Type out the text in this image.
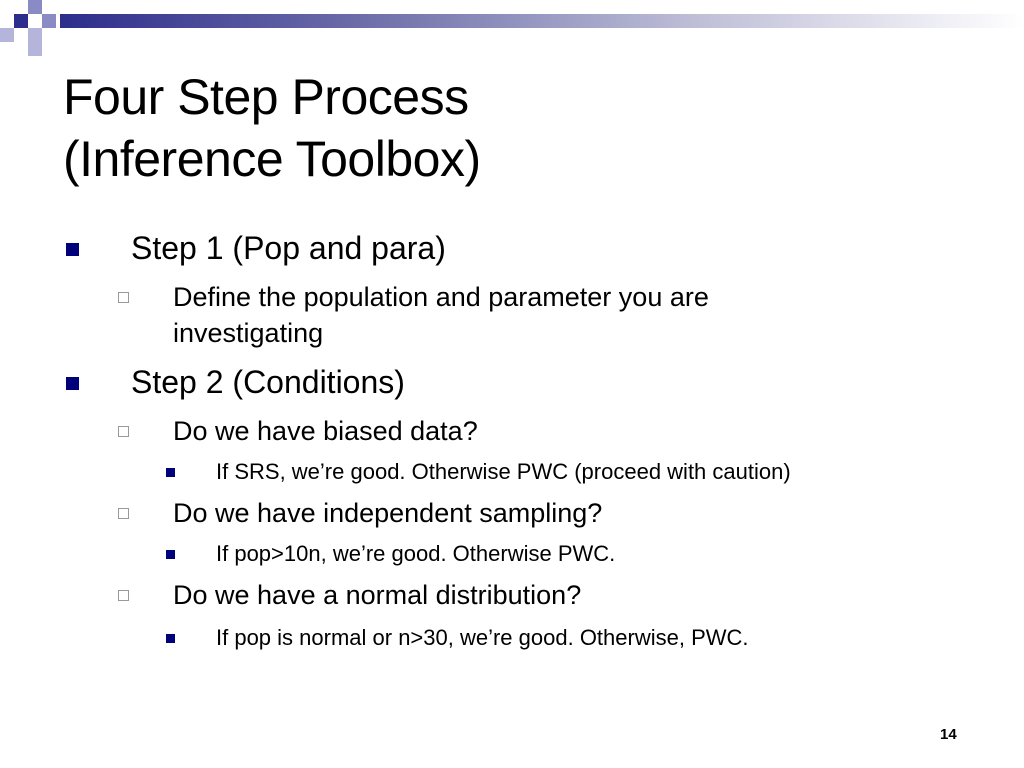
Four Step Process
(Inference Toolbox)
Step 1 (Pop and para)
Define the population and parameter you are
investigating
Step 2 (Conditions)
Do we have biased data?
If SRS, we’re good. Otherwise PWC (proceed with caution)
Do we have independent sampling?
If pop>10n, we’re good. Otherwise PWC.
Do we have a normal distribution?
If pop is normal or n>30, we’re good. Otherwise, PWC.
14
